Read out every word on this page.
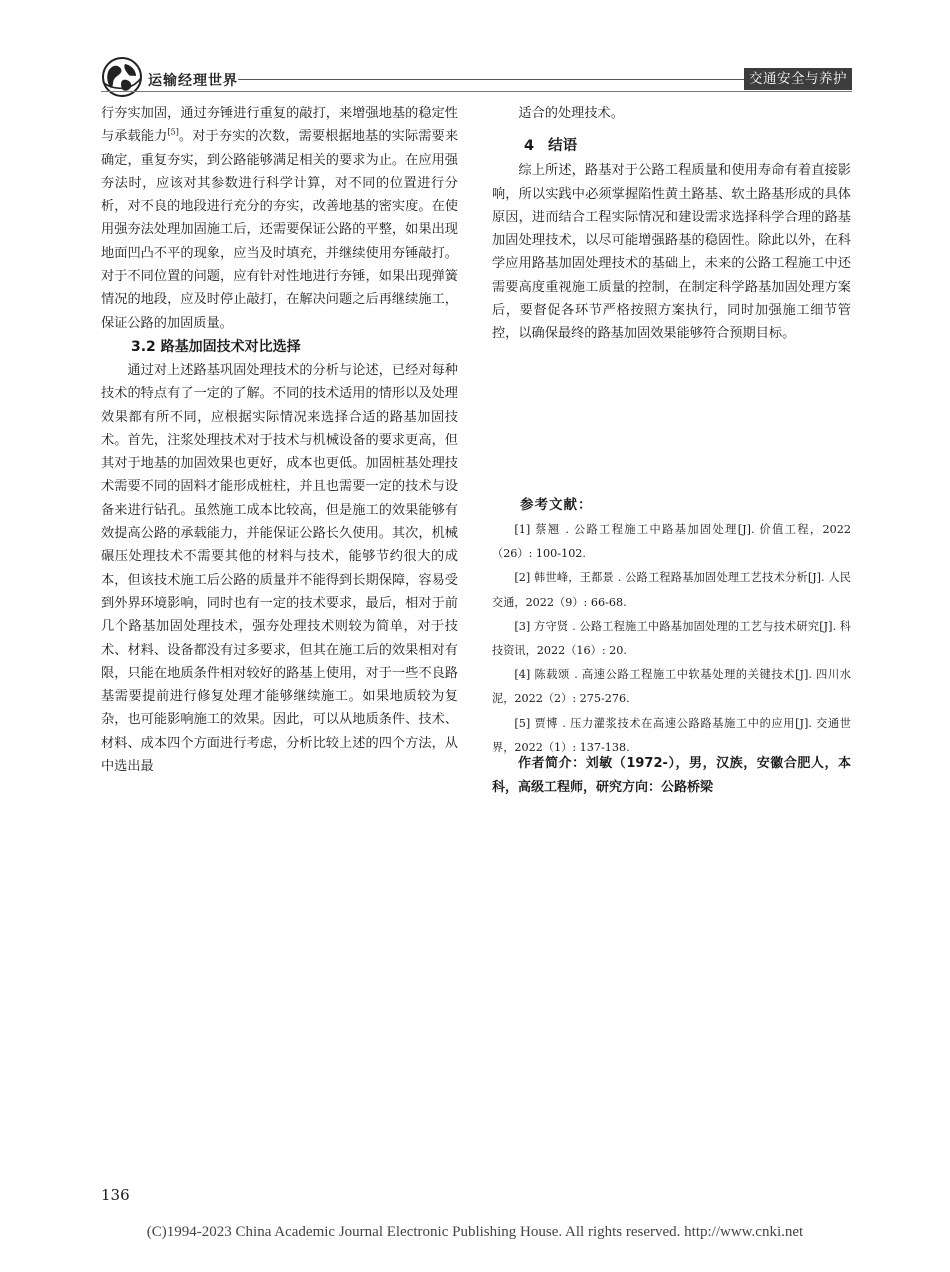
运输经理世界	交通安全与养护

行夯实加固，通过夯锤进行重复的敲打，来增强地基的稳定性与承载能力[5]。对于夯实的次数，需要根据地基的实际需要来确定，重复夯实，到公路能够满足相关的要求为止。在应用强夯法时，应该对其参数进行科学计算，对不同的位置进行分析，对不良的地段进行充分的夯实，改善地基的密实度。在使用强夯法处理加固施工后，还需要保证公路的平整，如果出现地面凹凸不平的现象，应当及时填充，并继续使用夯锤敲打。对于不同位置的问题，应有针对性地进行夯锤，如果出现弹簧情况的地段，应及时停止敲打，在解决问题之后再继续施工，保证公路的加固质量。

3.2 路基加固技术对比选择

通过对上述路基巩固处理技术的分析与论述，已经对每种技术的特点有了一定的了解。不同的技术适用的情形以及处理效果都有所不同，应根据实际情况来选择合适的路基加固技术。首先，注浆处理技术对于技术与机械设备的要求更高，但其对于地基的加固效果也更好，成本也更低。加固桩基处理技术需要不同的固料才能形成桩柱，并且也需要一定的技术与设备来进行钻孔。虽然施工成本比较高，但是施工的效果能够有效提高公路的承载能力，并能保证公路长久使用。其次，机械碾压处理技术不需要其他的材料与技术，能够节约很大的成本，但该技术施工后公路的质量并不能得到长期保障，容易受到外界环境影响，同时也有一定的技术要求，最后，相对于前几个路基加固处理技术，强夯处理技术则较为简单，对于技术、材料、设备都没有过多要求，但其在施工后的效果相对有限，只能在地质条件相对较好的路基上使用，对于一些不良路基需要提前进行修复处理才能够继续施工。如果地质较为复杂，也可能影响施工的效果。因此，可以从地质条件、技术、材料、成本四个方面进行考虑，分析比较上述的四个方法，从中选出最

适合的处理技术。

4 结语

综上所述，路基对于公路工程质量和使用寿命有着直接影响，所以实践中必须掌握陷性黄土路基、软土路基形成的具体原因，进而结合工程实际情况和建设需求选择科学合理的路基加固处理技术，以尽可能增强路基的稳固性。除此以外，在科学应用路基加固处理技术的基础上，未来的公路工程施工中还需要高度重视施工质量的控制，在制定科学路基加固处理方案后，要督促各环节严格按照方案执行，同时加强施工细节管控，以确保最终的路基加固效果能够符合预期目标。

参考文献：

[1] 蔡翘 . 公路工程施工中路基加固处理[J]. 价值工程，2022（26）: 100-102.

[2] 韩世峰，王都景 . 公路工程路基加固处理工艺技术分析[J]. 人民交通，2022（9）: 66-68.

[3] 方守贤 . 公路工程施工中路基加固处理的工艺与技术研究[J]. 科技资讯，2022（16）: 20.

[4] 陈载颂 . 高速公路工程施工中软基处理的关键技术[J]. 四川水泥，2022（2）: 275-276.

[5] 贾博 . 压力灌浆技术在高速公路路基施工中的应用[J]. 交通世界，2022（1）: 137-138.

作者简介：刘敏（1972-），男，汉族，安徽合肥人，本科，高级工程师，研究方向：公路桥梁
136
(C)1994-2023 China Academic Journal Electronic Publishing House. All rights reserved. http://www.cnki.net
